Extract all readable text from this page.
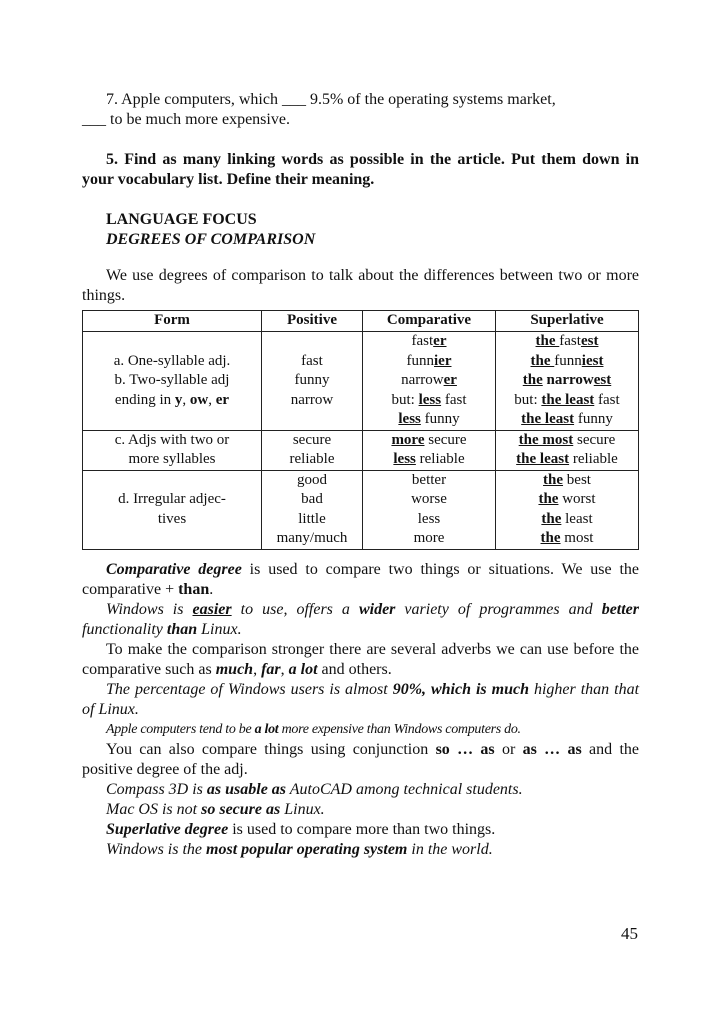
7. Apple computers, which ___ 9.5% of the operating systems market,
___ to be much more expensive.

5. Find as many linking words as possible in the article. Put them down in your vocabulary list. Define their meaning.

LANGUAGE FOCUS

DEGREES OF COMPARISON

We use degrees of comparison to talk about the differences between two or more things.

Form	Positive	Comparative	Superlative

a. One-syllable adj.
b. Two-syllable adj
ending in y, ow, er	fast
funny
narrow	faster
funnier
narrower
but: less fast
less funny	the fastest
the funniest
the narrowest
but: the least fast
the least funny

c. Adjs with two or
more syllables	secure
reliable	more secure
less reliable	the most secure
the least reliable

d. Irregular adjec-
tives	good
bad
little
many/much	better
worse
less
more	the best
the worst
the least
the most

Comparative degree is used to compare two things or situations. We use the comparative + than.

Windows is easier to use, offers a wider variety of programmes and better functionality than Linux.

To make the comparison stronger there are several adverbs we can use before the comparative such as much, far, a lot and others.

The percentage of Windows users is almost 90%, which is much higher than that of Linux.

Apple computers tend to be a lot more expensive than Windows computers do.

You can also compare things using conjunction so … as or as … as and the positive degree of the adj.

Compass 3D is as usable as AutoCAD among technical students.

Mac OS is not so secure as Linux.

Superlative degree is used to compare more than two things.

Windows is the most popular operating system in the world.

45
